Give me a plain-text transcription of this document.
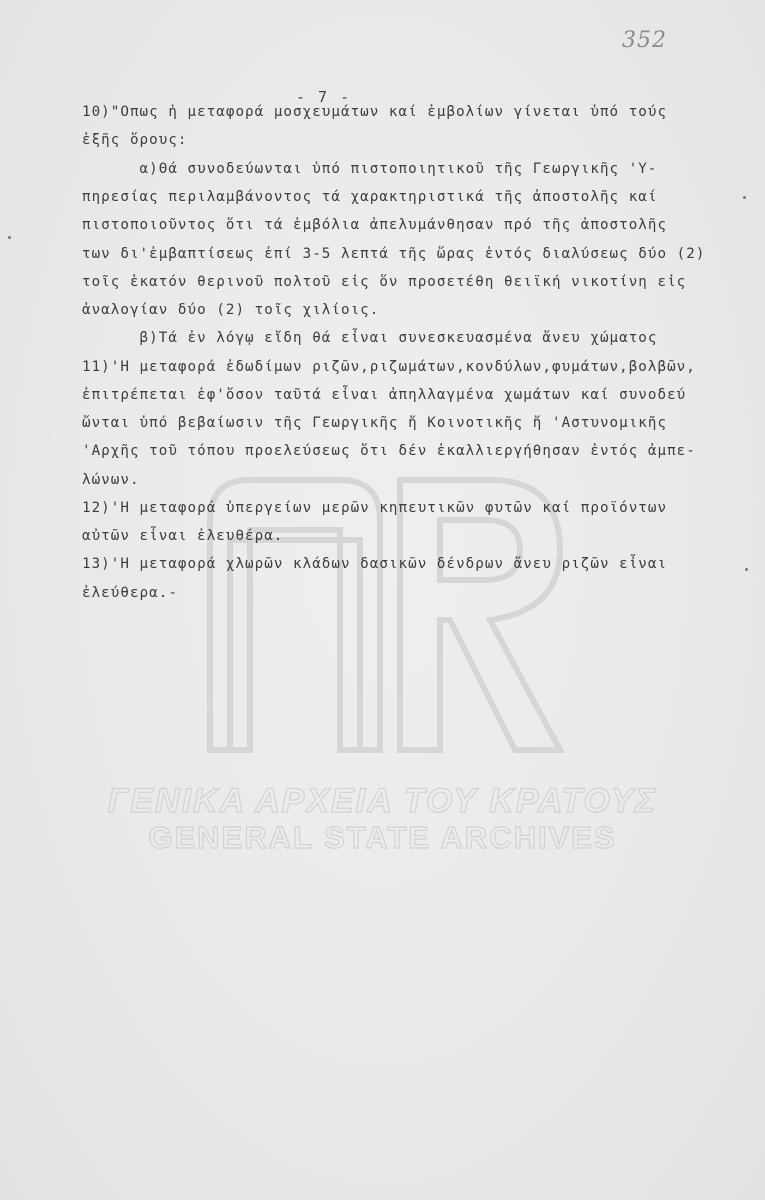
ΓΕΝΙΚΑ ΑΡΧΕΙΑ ΤΟΥ ΚΡΑΤΟΥΣ
GENERAL STATE ARCHIVES
352
- 7 -
10)"Οπως ἡ μεταφορά μοσχευμάτων καί ἐμβολίων γίνεται ὑπό τούς
ἑξῆς ὅρους:
α)Θά συνοδεύωνται ὑπό πιστοποιητικοῦ τῆς Γεωργικῆς 'Υ-
πηρεσίας περιλαμβάνοντος τά χαρακτηριστικά τῆς ἀποστολῆς καί
πιστοποιοῦντος ὅτι τά ἐμβόλια ἀπελυμάνθησαν πρό τῆς ἀποστολῆς
των δι'ἐμβαπτίσεως ἐπί 3-5 λεπτά τῆς ὥρας ἐντός διαλύσεως δύο (2)
τοῖς ἑκατόν θερινοῦ πολτοῦ εἰς ὅν προσετέθη θειϊκή νικοτίνη εἰς
ἀναλογίαν δύο (2) τοῖς χιλίοις.
β)Τά ἐν λόγῳ εἴδη θά εἶναι συνεσκευασμένα ἄνευ χώματος
11)'Η μεταφορά ἐδωδίμων ριζῶν,ριζωμάτων,κονδύλων,φυμάτων,βολβῶν,
ἐπιτρέπεται ἐφ'ὅσον ταῦτά εἶναι ἀπηλλαγμένα χωμάτων καί συνοδεύ
ὤνται ὑπό βεβαίωσιν τῆς Γεωργικῆς ἤ Κοινοτικῆς ἤ 'Αστυνομικῆς
'Αρχῆς τοῦ τόπου προελεύσεως ὅτι δέν ἐκαλλιεργήθησαν ἐντός ἀμπε-
λώνων.
12)'Η μεταφορά ὑπεργείων μερῶν κηπευτικῶν φυτῶν καί προϊόντων
αὐτῶν εἶναι ἐλευθέρα.
13)'Η μεταφορά χλωρῶν κλάδων δασικῶν δένδρων ἄνευ ριζῶν εἶναι
ἐλεύθερα.-
